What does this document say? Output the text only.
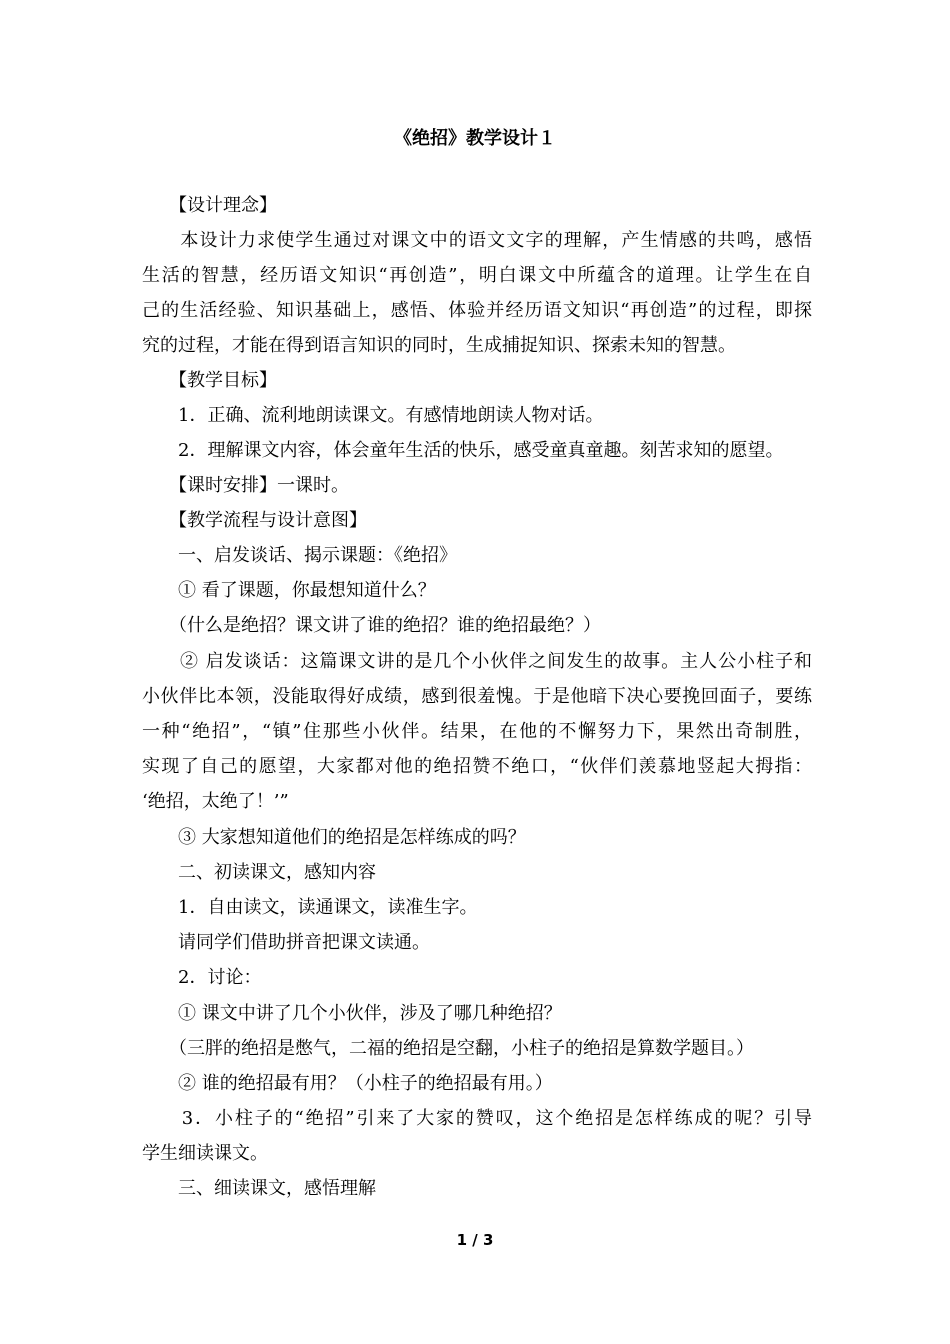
《绝招》教学设计１
　　【设计理念】
　　本设计力求使学生通过对课文中的语文文字的理解，产生情感的共鸣，感悟
生活的智慧，经历语文知识“再创造”，明白课文中所蕴含的道理。让学生在自
己的生活经验、知识基础上，感悟、体验并经历语文知识“再创造”的过程，即探
究的过程，才能在得到语言知识的同时，生成捕捉知识、探索未知的智慧。
　　【教学目标】
　　1．正确、流利地朗读课文。有感情地朗读人物对话。
　　2．理解课文内容，体会童年生活的快乐，感受童真童趣。刻苦求知的愿望。
　　【课时安排】一课时。
　　【教学流程与设计意图】
　　一、启发谈话、揭示课题：《绝招》
　　① 看了课题，你最想知道什么？
　　（什么是绝招？课文讲了谁的绝招？谁的绝招最绝？）
　　② 启发谈话：这篇课文讲的是几个小伙伴之间发生的故事。主人公小柱子和
小伙伴比本领，没能取得好成绩，感到很羞愧。于是他暗下决心要挽回面子，要练
一种“绝招”，“镇”住那些小伙伴。结果，在他的不懈努力下，果然出奇制胜，
实现了自己的愿望，大家都对他的绝招赞不绝口，“伙伴们羡慕地竖起大拇指：
‘绝招，太绝了！’”
　　③ 大家想知道他们的绝招是怎样练成的吗？
　　二、初读课文，感知内容
　　1．自由读文，读通课文，读准生字。
　　请同学们借助拼音把课文读通。
　　2．讨论：
　　① 课文中讲了几个小伙伴，涉及了哪几种绝招？
　　（三胖的绝招是憋气，二福的绝招是空翻，小柱子的绝招是算数学题目。）
　　② 谁的绝招最有用？（小柱子的绝招最有用。）
　　3．小柱子的“绝招”引来了大家的赞叹，这个绝招是怎样练成的呢？引导
学生细读课文。
　　三、细读课文，感悟理解
1 / 3
